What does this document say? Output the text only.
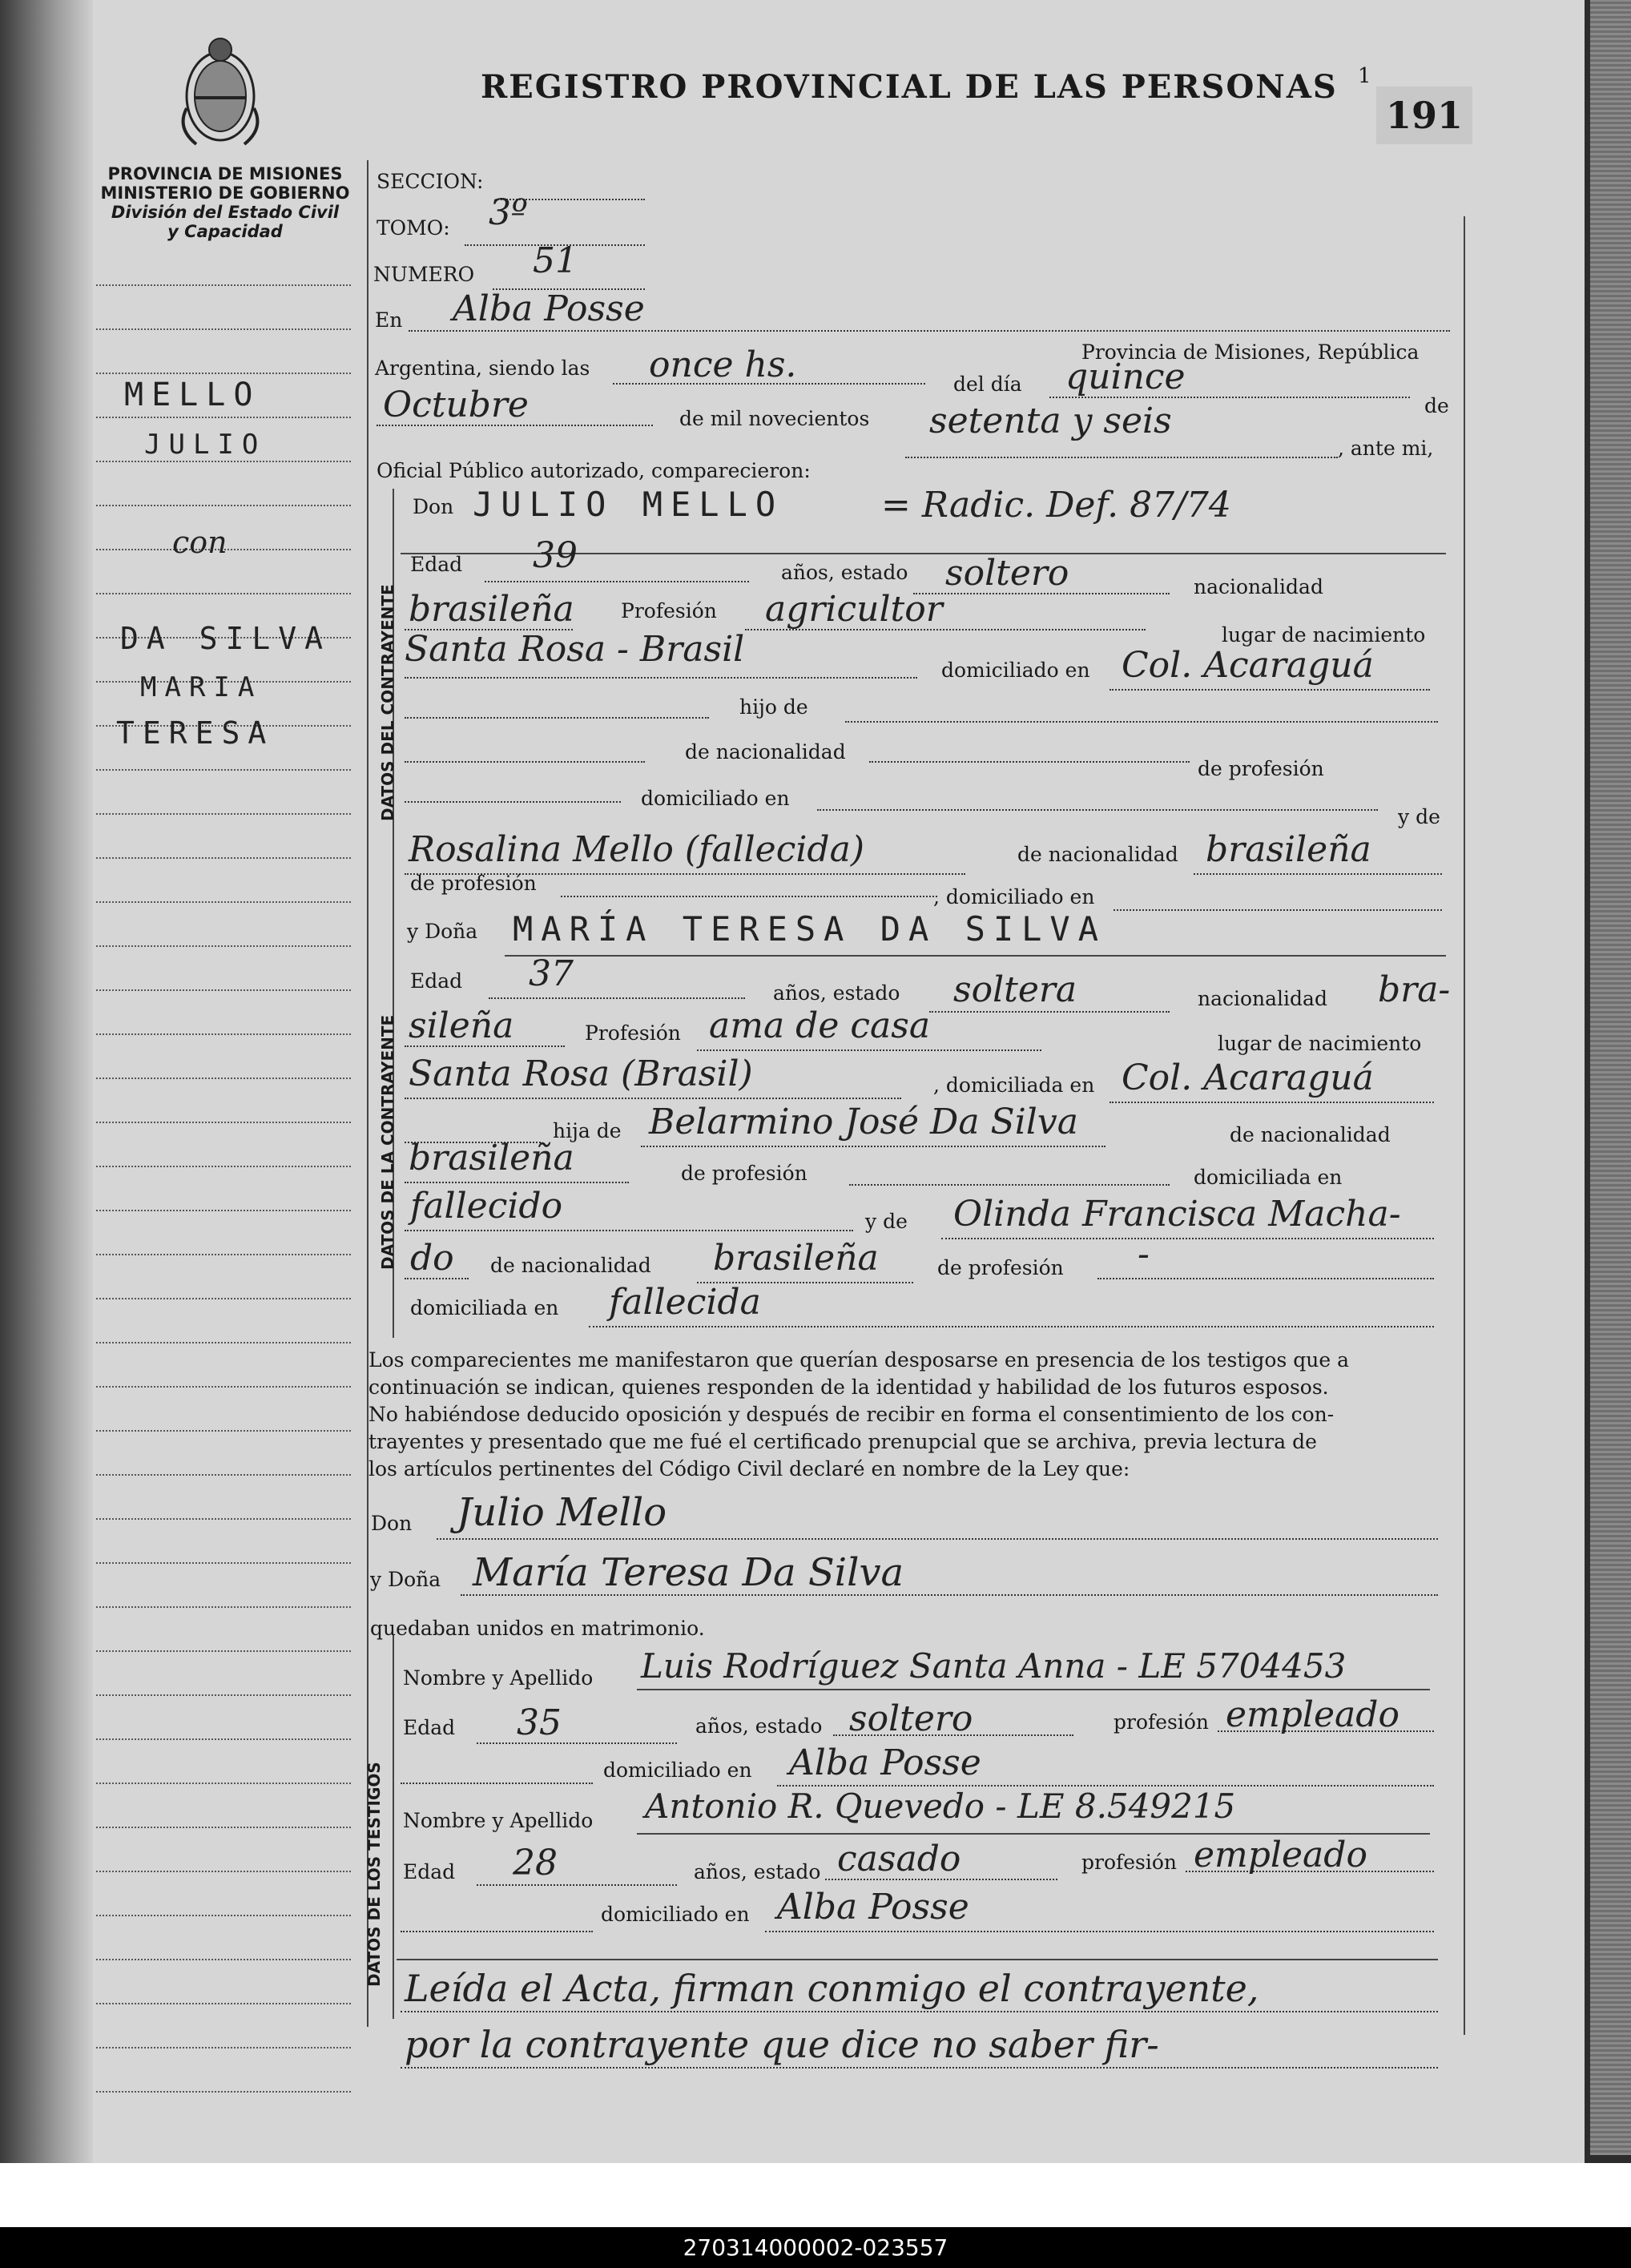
REGISTRO PROVINCIAL DE LAS PERSONAS 1
191
PROVINCIA DE MISIONES
MINISTERIO DE GOBIERNO
División del Estado Civil
y Capacidad
MELLO
JULIO
con
DA SILVA
MARIA
TERESA
SECCION:
TOMO: 3º
NUMERO 51
En Alba Posse
Provincia de Misiones, República
Argentina, siendo las once hs.	del día quince
de
Octubre	de mil novecientos setenta y seis
, ante mi,
Oficial Público autorizado, comparecieron:
DATOS DEL CONTRAYENTE
Don JULIO MELLO	= Radic. Def. 87/74
Edad 39	años, estado soltero	nacionalidad
brasileña Profesión agricultor
lugar de nacimiento
Santa Rosa - Brasil
domiciliado en Col. Acaraguá
hijo de
de nacionalidad
de profesión
domiciliado en
y de
Rosalina Mello (fallecida)	de nacionalidad brasileña
de profesión
, domiciliado en
DATOS DE LA CONTRAYENTE
y Doña MARÍA TERESA DA SILVA
Edad 37	años, estado soltera	nacionalidad bra-
sileña	Profesión ama de casa	lugar de nacimiento
Santa Rosa (Brasil)	, domiciliada en Col. Acaraguá
hija de Belarmino José Da Silva	de nacionalidad
brasileña	de profesión	domiciliada en
fallecido	y de Olinda Francisca Macha-
do de nacionalidad brasileña	de profesión -
domiciliada en fallecida
Los comparecientes me manifestaron que querían desposarse en presencia de los testigos que a
continuación se indican, quienes responden de la identidad y habilidad de los futuros esposos.
No habiéndose deducido oposición y después de recibir en forma el consentimiento de los con-
trayentes y presentado que me fué el certificado prenupcial que se archiva, previa lectura de
los artículos pertinentes del Código Civil declaré en nombre de la Ley que:
Don Julio Mello
y Doña María Teresa Da Silva
quedaban unidos en matrimonio.
DATOS DE LOS TESTIGOS
Nombre y Apellido Luis Rodríguez Santa Anna - LE 5704453
Edad 35	años, estado soltero	profesión empleado
domiciliado en Alba Posse
Nombre y Apellido Antonio R. Quevedo - LE 8.549215
Edad 28	años, estado casado	profesión empleado
domiciliado en Alba Posse
Leída el Acta, firman conmigo el contrayente,
por la contrayente que dice no saber fir-
270314000002-023557
